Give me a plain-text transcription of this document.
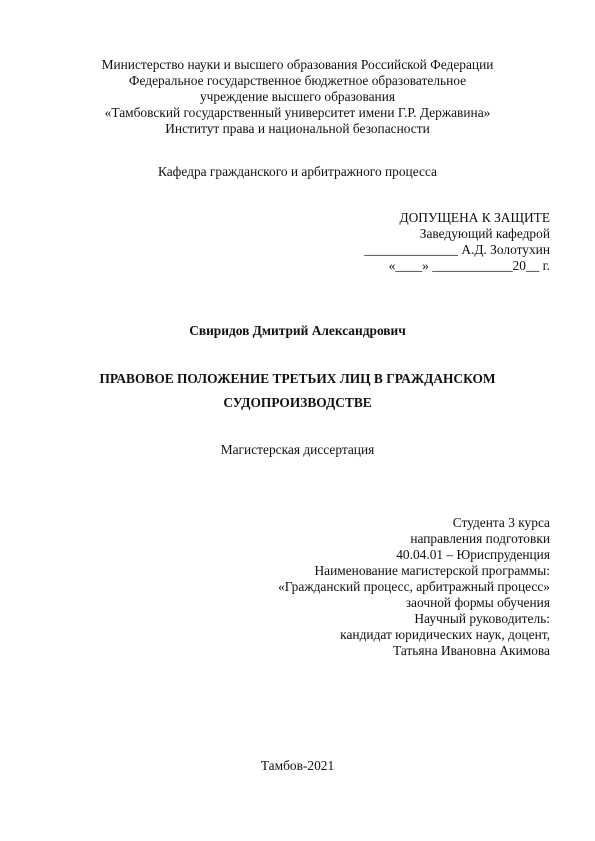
Министерство науки и высшего образования Российской Федерации
Федеральное государственное бюджетное образовательное
учреждение высшего образования
«Тамбовский государственный университет имени Г.Р. Державина»
Институт права и национальной безопасности
Кафедра гражданского и арбитражного процесса
ДОПУЩЕНА К ЗАЩИТЕ
Заведующий кафедрой
______________ А.Д. Золотухин
«____» ____________20__ г.
Свиридов Дмитрий Александрович
ПРАВОВОЕ ПОЛОЖЕНИЕ ТРЕТЬИХ ЛИЦ В ГРАЖДАНСКОМ
СУДОПРОИЗВОДСТВЕ
Магистерская диссертация
Студента 3 курса
направления подготовки
40.04.01 – Юриспруденция
Наименование магистерской программы:
«Гражданский процесс, арбитражный процесс»
заочной формы обучения
Научный руководитель:
кандидат юридических наук, доцент,
Татьяна Ивановна Акимова
Тамбов-2021
